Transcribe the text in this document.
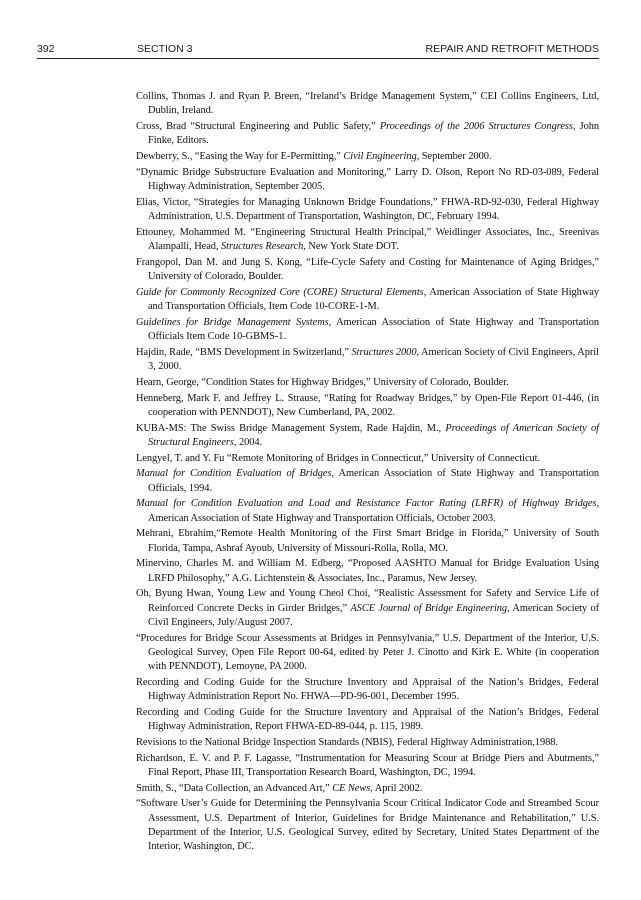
392	SECTION 3	REPAIR AND RETROFIT METHODS

Collins, Thomas J. and Ryan P. Breen, “Ireland’s Bridge Management System,” CEI Collins Engineers, Ltd, Dublin, Ireland.

Cross, Brad “Structural Engineering and Public Safety,” Proceedings of the 2006 Structures Congress, John Finke, Editors.

Dewberry, S., “Easing the Way for E-Permitting,” Civil Engineering, September 2000.

“Dynamic Bridge Substructure Evaluation and Monitoring,” Larry D. Olson, Report No RD-03-089, Federal Highway Administration, September 2005.

Elias, Victor, “Strategies for Managing Unknown Bridge Foundations,” FHWA-RD-92-030, Federal Highway Administration, U.S. Department of Transportation, Washington, DC, February 1994.

Ettouney, Mohammed M. “Engineering Structural Health Principal,” Weidlinger Associates, Inc., Sreenivas Alampalli, Head, Structures Research, New York State DOT.

Frangopol, Dan M. and Jung S. Kong, “Life-Cycle Safety and Costing for Maintenance of Aging Bridges,” University of Colorado, Boulder.

Guide for Commonly Recognized Core (CORE) Structural Elements, American Association of State Highway and Transportation Officials, Item Code 10-CORE-1-M.

Guidelines for Bridge Management Systems, American Association of State Highway and Transportation Officials Item Code 10-GBMS-1.

Hajdin, Rade, “BMS Development in Switzerland,” Structures 2000, American Society of Civil Engineers, April 3, 2000.

Hearn, George, “Condition States for Highway Bridges,” University of Colorado, Boulder.

Henneberg, Mark F. and Jeffrey L. Strause, “Rating for Roadway Bridges,” by Open-File Report 01-446, (in cooperation with PENNDOT), New Cumberland, PA, 2002.

KUBA-MS: The Swiss Bridge Management System, Rade Hajdin, M., Proceedings of American Society of Structural Engineers, 2004.

Lengyel, T. and Y. Fu “Remote Monitoring of Bridges in Connecticut,” University of Connecticut.

Manual for Condition Evaluation of Bridges, American Association of State Highway and Transportation Officials, 1994.

Manual for Condition Evaluation and Load and Resistance Factor Rating (LRFR) of Highway Bridges, American Association of State Highway and Transportation Officials, October 2003.

Mehrani, Ebrahim,“Remote Health Monitoring of the First Smart Bridge in Florida,” University of South Florida, Tampa, Ashraf Ayoub, University of Missouri-Rolla, Rolla, MO.

Minervino, Charles M. and William M. Edberg, “Proposed AASHTO Manual for Bridge Evaluation Using LRFD Philosophy,” A.G. Lichtenstein & Associates, Inc., Paramus, New Jersey.

Oh, Byung Hwan, Young Lew and Young Cheol Choi, “Realistic Assessment for Safety and Service Life of Reinforced Concrete Decks in Girder Bridges,” ASCE Journal of Bridge Engineering, American Society of Civil Engineers, July/August 2007.

“Procedures for Bridge Scour Assessments at Bridges in Pennsylvania,” U.S. Department of the Interior, U.S. Geological Survey, Open File Report 00-64, edited by Peter J. Cinotto and Kirk E. White (in cooperation with PENNDOT), Lemoyne, PA 2000.

Recording and Coding Guide for the Structure Inventory and Appraisal of the Nation’s Bridges, Federal Highway Administration Report No. FHWA—PD-96-001, December 1995.

Recording and Coding Guide for the Structure Inventory and Appraisal of the Nation’s Bridges, Federal Highway Administration, Report FHWA-ED-89-044, p. 115, 1989.

Revisions to the National Bridge Inspection Standards (NBIS), Federal Highway Administration,1988.

Richardson, E. V. and P. F. Lagasse, “Instrumentation for Measuring Scour at Bridge Piers and Abutments,” Final Report, Phase III, Transportation Research Board, Washington, DC, 1994.

Smith, S., “Data Collection, an Advanced Art,” CE News, April 2002.

“Software User’s Guide for Determining the Pennsylvania Scour Critical Indicator Code and Streambed Scour Assessment, U.S. Department of Interior, Guidelines for Bridge Maintenance and Rehabilitation,” U.S. Department of the Interior, U.S. Geological Survey, edited by Secretary, United States Department of the Interior, Washington, DC.
